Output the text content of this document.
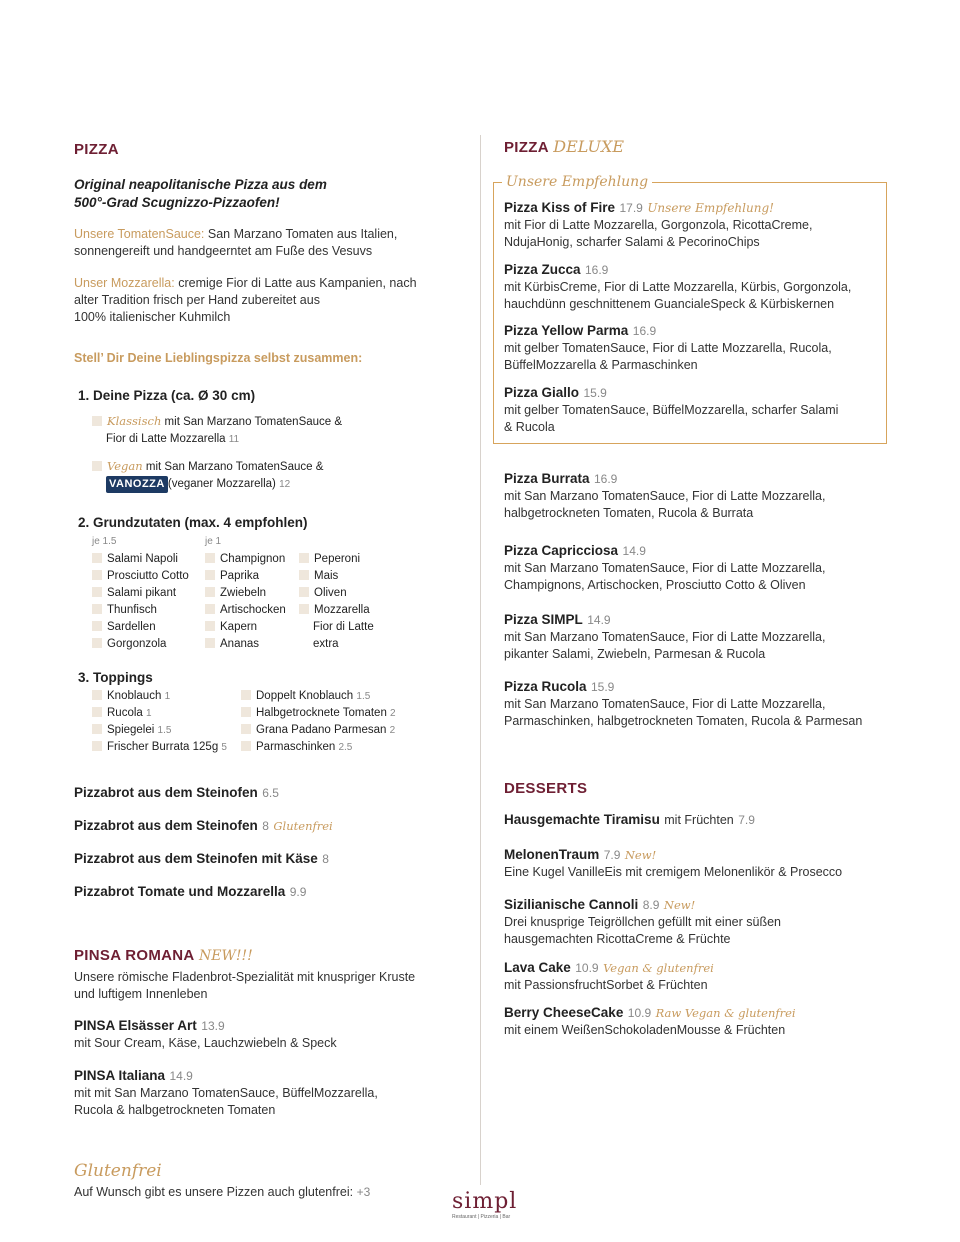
PIZZA
Original neapolitanische Pizza aus dem
500°-Grad Scugnizzo-Pizzaofen!
Unsere TomatenSauce: San Marzano Tomaten aus Italien,
sonnengereift und handgeerntet am Fuße des Vesuvs
Unser Mozzarella: cremige Fior di Latte aus Kampanien, nach
alter Tradition frisch per Hand zubereitet aus
100% italienischer Kuhmilch
Stell’ Dir Deine Lieblingspizza selbst zusammen:
1. Deine Pizza (ca. Ø 30 cm)
Klassisch mit San Marzano TomatenSauce &
Fior di Latte Mozzarella 11
Vegan mit San Marzano TomatenSauce &
VANOZZA (veganer Mozzarella) 12
2. Grundzutaten (max. 4 empfohlen)
je 1.5	je 1
Salami Napoli
Prosciutto Cotto
Salami pikant
Thunfisch
Sardellen
Gorgonzola
Champignon
Paprika
Zwiebeln
Artischocken
Kapern
Ananas
Peperoni
Mais
Oliven
Mozzarella
Fior di Latte
extra
3. Toppings
Knoblauch 1
Rucola 1
Spiegelei 1.5
Frischer Burrata 125g 5
Doppelt Knoblauch 1.5
Halbgetrocknete Tomaten 2
Grana Padano Parmesan 2
Parmaschinken 2.5
Pizzabrot aus dem Steinofen 6.5
Pizzabrot aus dem Steinofen 8 Glutenfrei
Pizzabrot aus dem Steinofen mit Käse 8
Pizzabrot Tomate und Mozzarella 9.9
PINSA ROMANA NEW!!!
Unsere römische Fladenbrot-Spezialität mit knuspriger Kruste
und luftigem Innenleben
PINSA Elsässer Art 13.9
mit Sour Cream, Käse, Lauchzwiebeln & Speck
PINSA Italiana 14.9
mit mit San Marzano TomatenSauce, BüffelMozzarella,
Rucola & halbgetrockneten Tomaten
Glutenfrei
Auf Wunsch gibt es unsere Pizzen auch glutenfrei: +3
PIZZA DELUXE
Unsere Empfehlung
Pizza Kiss of Fire 17.9 Unsere Empfehlung!
mit Fior di Latte Mozzarella, Gorgonzola, RicottaCreme,
NdujaHonig, scharfer Salami & PecorinoChips
Pizza Zucca 16.9
mit KürbisCreme, Fior di Latte Mozzarella, Kürbis, Gorgonzola,
hauchdünn geschnittenem GuancialeSpeck & Kürbiskernen
Pizza Yellow Parma 16.9
mit gelber TomatenSauce, Fior di Latte Mozzarella, Rucola,
BüffelMozzarella & Parmaschinken
Pizza Giallo 15.9
mit gelber TomatenSauce, BüffelMozzarella, scharfer Salami
& Rucola
Pizza Burrata 16.9
mit San Marzano TomatenSauce, Fior di Latte Mozzarella,
halbgetrockneten Tomaten, Rucola & Burrata
Pizza Capricciosa 14.9
mit San Marzano TomatenSauce, Fior di Latte Mozzarella,
Champignons, Artischocken, Prosciutto Cotto & Oliven
Pizza SIMPL 14.9
mit San Marzano TomatenSauce, Fior di Latte Mozzarella,
pikanter Salami, Zwiebeln, Parmesan & Rucola
Pizza Rucola 15.9
mit San Marzano TomatenSauce, Fior di Latte Mozzarella,
Parmaschinken, halbgetrockneten Tomaten, Rucola & Parmesan
DESSERTS
Hausgemachte Tiramisu mit Früchten 7.9
MelonenTraum 7.9 New!
Eine Kugel VanilleEis mit cremigem Melonenlikör & Prosecco
Sizilianische Cannoli 8.9 New!
Drei knusprige Teigröllchen gefüllt mit einer süßen
hausgemachten RicottaCreme & Früchte
Lava Cake 10.9 Vegan & glutenfrei
mit PassionsfruchtSorbet & Früchten
Berry CheeseCake 10.9 Raw Vegan & glutenfrei
mit einem WeißenSchokoladenMousse & Früchten
simpl
Restaurant | Pizzeria | Bar
